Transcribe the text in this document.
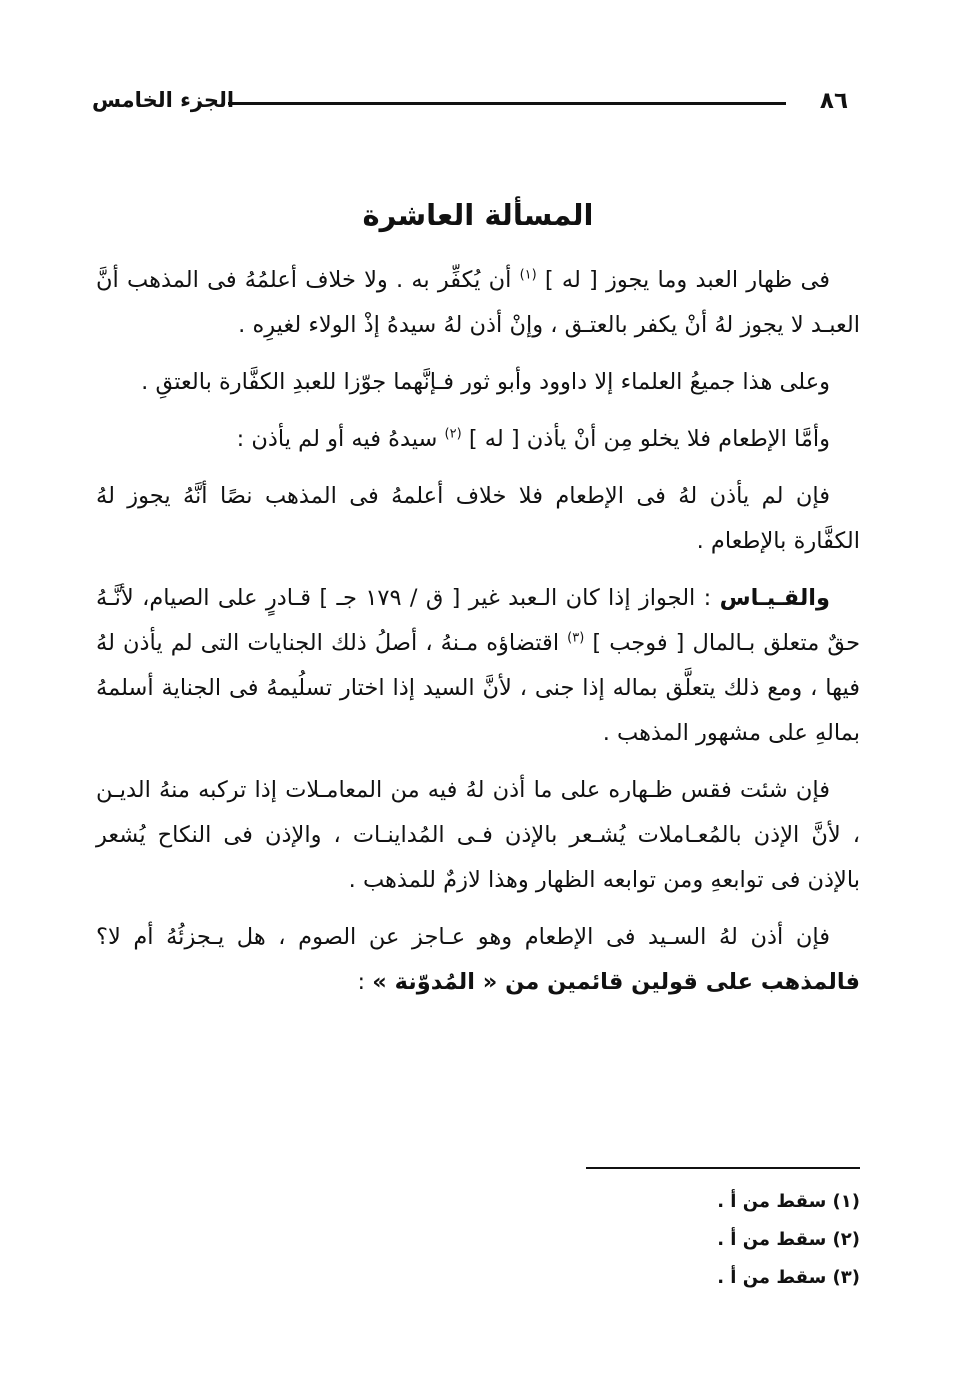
٨٦
الجزء الخامس
المسألة العاشرة

فى ظهار العبد وما يجوز [ له ] $^{(١)}$ أن يُكفِّر به . ولا خلاف أعلمُهُ فى المذهب أنَّ العبـد لا يجوز لهُ أنْ يكفر بالعتـق ، وإنْ أذن لهُ سيدهُ إذْ الولاء لغيرِه .

وعلى هذا جميعُ العلماء إلا داوود وأبو ثور فـإنَّهما جوّزا للعبدِ الكفَّارة بالعتقِ .

وأمَّا الإطعام فلا يخلو مِن أنْ يأذن [ له ] $^{(٢)}$ سيدهُ فيه أو لم يأذن :

فإن لم يأذن لهُ فى الإطعام فلا خلاف أعلمهُ فى المذهب نصًا أنَّهُ يجوز لهُ الكفَّارة بالإطعام .

والقـيـاس : الجواز إذا كان الـعبد غير [ ق / ١٧٩ جـ ] قـادرٍ على الصيام، لأنَّـهُ حقٌ متعلق بـالمال [ فوجب ] $^{(٣)}$ اقتضاؤه مـنهُ ، أصلُ ذلك الجنايات التى لم يأذن لهُ فيها ، ومع ذلك يتعلَّق بماله إذا جنى ، لأنَّ السيد إذا اختار تسلُيمهُ فى الجناية أسلمهُ بمالهِ على مشهور المذهب .

فإن شئت فقس ظـهاره على ما أذن لهُ فيه من المعامـلات إذا تركبه منهُ الديـن ، لأنَّ الإذن بالمُعـاملات يُشـعر بالإذن فـى المُداينـات ، والإذن فى النكاح يُشعر بالإذن فى توابعهِ ومن توابعه الظهار وهذا لازمٌ للمذهب .

فإن أذن لهُ السـيد فى الإطعام وهو عـاجز عن الصوم ، هل يـجزئُهُ أم لا؟ فالمذهب على قولين قائمين من « المُدوّنة » :

(١) سقط من أ .
(٢) سقط من أ .
(٣) سقط من أ .
